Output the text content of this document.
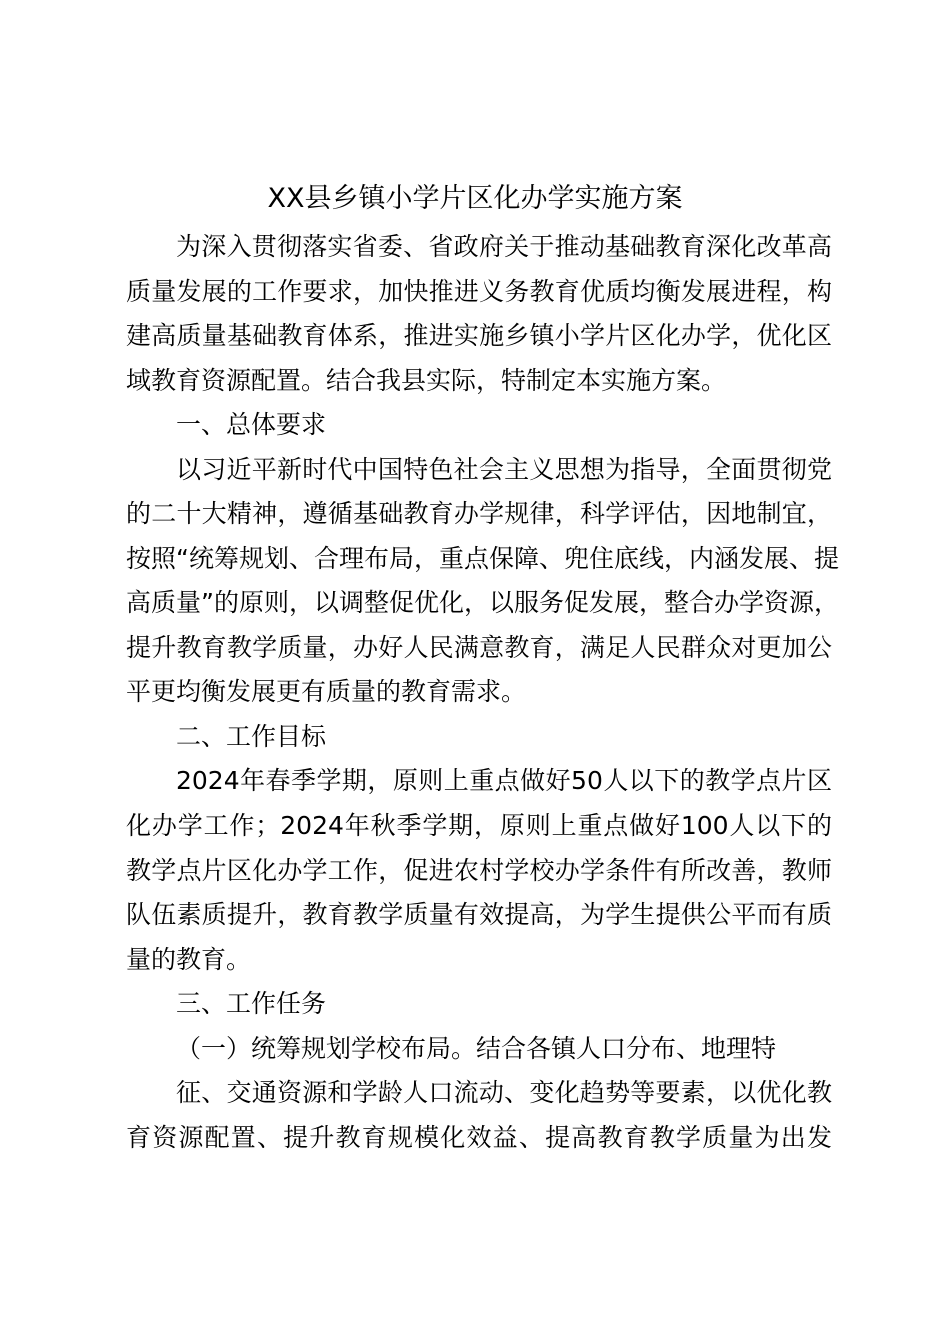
XX县乡镇小学片区化办学实施方案
为深入贯彻落实省委、省政府关于推动基础教育深化改革高
质量发展的工作要求，加快推进义务教育优质均衡发展进程，构
建高质量基础教育体系，推进实施乡镇小学片区化办学，优化区
域教育资源配置。结合我县实际，特制定本实施方案。
一、总体要求
以习近平新时代中国特色社会主义思想为指导，全面贯彻党
的二十大精神，遵循基础教育办学规律，科学评估，因地制宜，
按照“统筹规划、合理布局，重点保障、兜住底线，内涵发展、提
高质量”的原则，以调整促优化，以服务促发展，整合办学资源，
提升教育教学质量，办好人民满意教育，满足人民群众对更加公
平更均衡发展更有质量的教育需求。
二、工作目标
2024年春季学期，原则上重点做好50人以下的教学点片区
化办学工作；2024年秋季学期，原则上重点做好100人以下的
教学点片区化办学工作，促进农村学校办学条件有所改善，教师
队伍素质提升，教育教学质量有效提高，为学生提供公平而有质
量的教育。
三、工作任务
（一）统筹规划学校布局。结合各镇人口分布、地理特
征、交通资源和学龄人口流动、变化趋势等要素，以优化教
育资源配置、提升教育规模化效益、提高教育教学质量为出发
